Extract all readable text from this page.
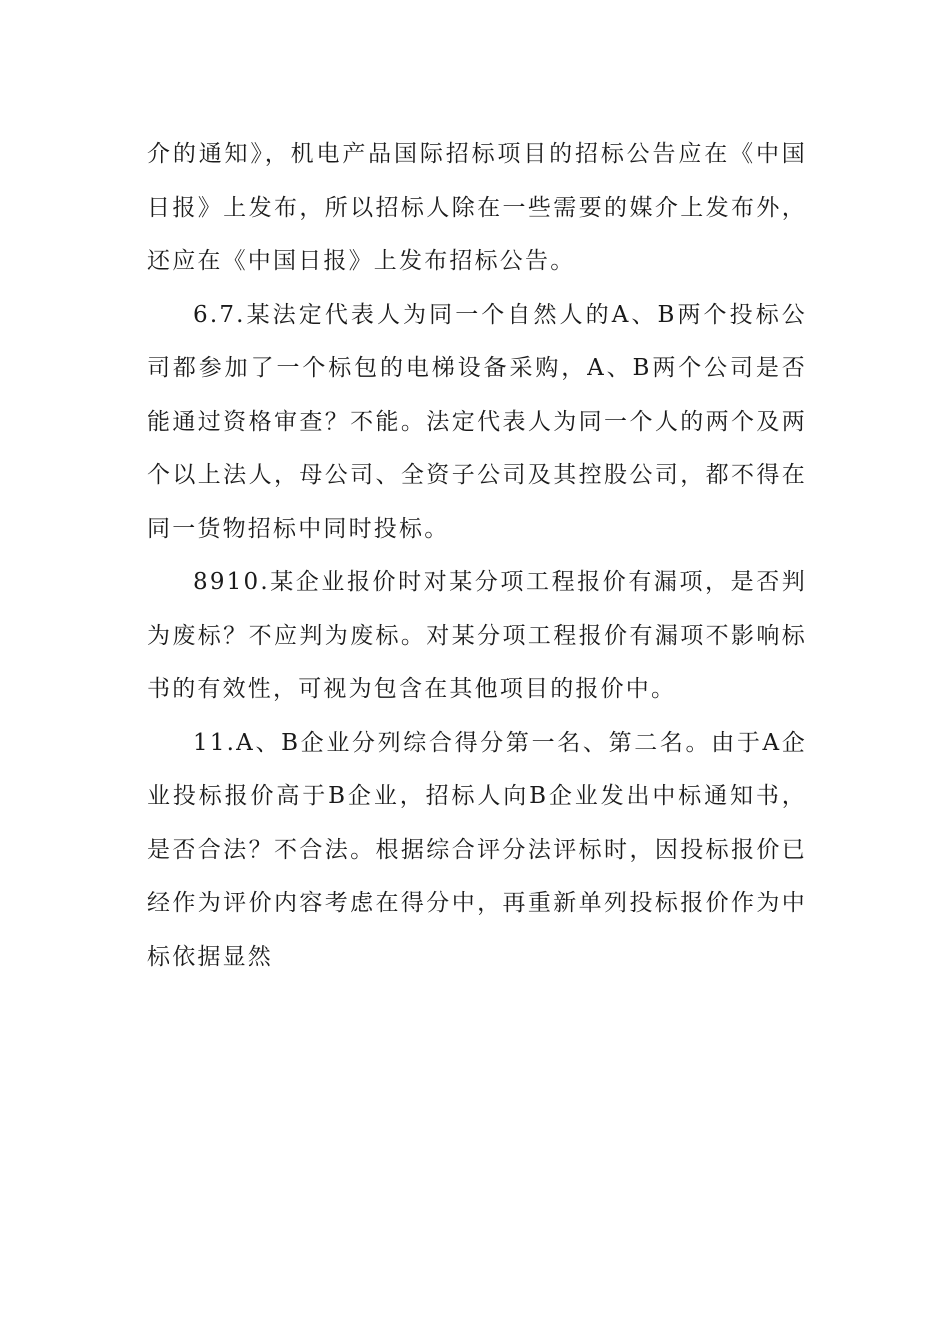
介的通知》，机电产品国际招标项目的招标公告应在《中国日报》上发布，所以招标人除在一些需要的媒介上发布外，还应在《中国日报》上发布招标公告。

6.7.某法定代表人为同一个自然人的A、B两个投标公司都参加了一个标包的电梯设备采购，A、B两个公司是否能通过资格审查？不能。法定代表人为同一个人的两个及两个以上法人，母公司、全资子公司及其控股公司，都不得在同一货物招标中同时投标。

8910.某企业报价时对某分项工程报价有漏项，是否判为废标？不应判为废标。对某分项工程报价有漏项不影响标书的有效性，可视为包含在其他项目的报价中。

11.A、B企业分列综合得分第一名、第二名。由于A企业投标报价高于B企业，招标人向B企业发出中标通知书，是否合法？不合法。根据综合评分法评标时，因投标报价已经作为评价内容考虑在得分中，再重新单列投标报价作为中标依据显然
